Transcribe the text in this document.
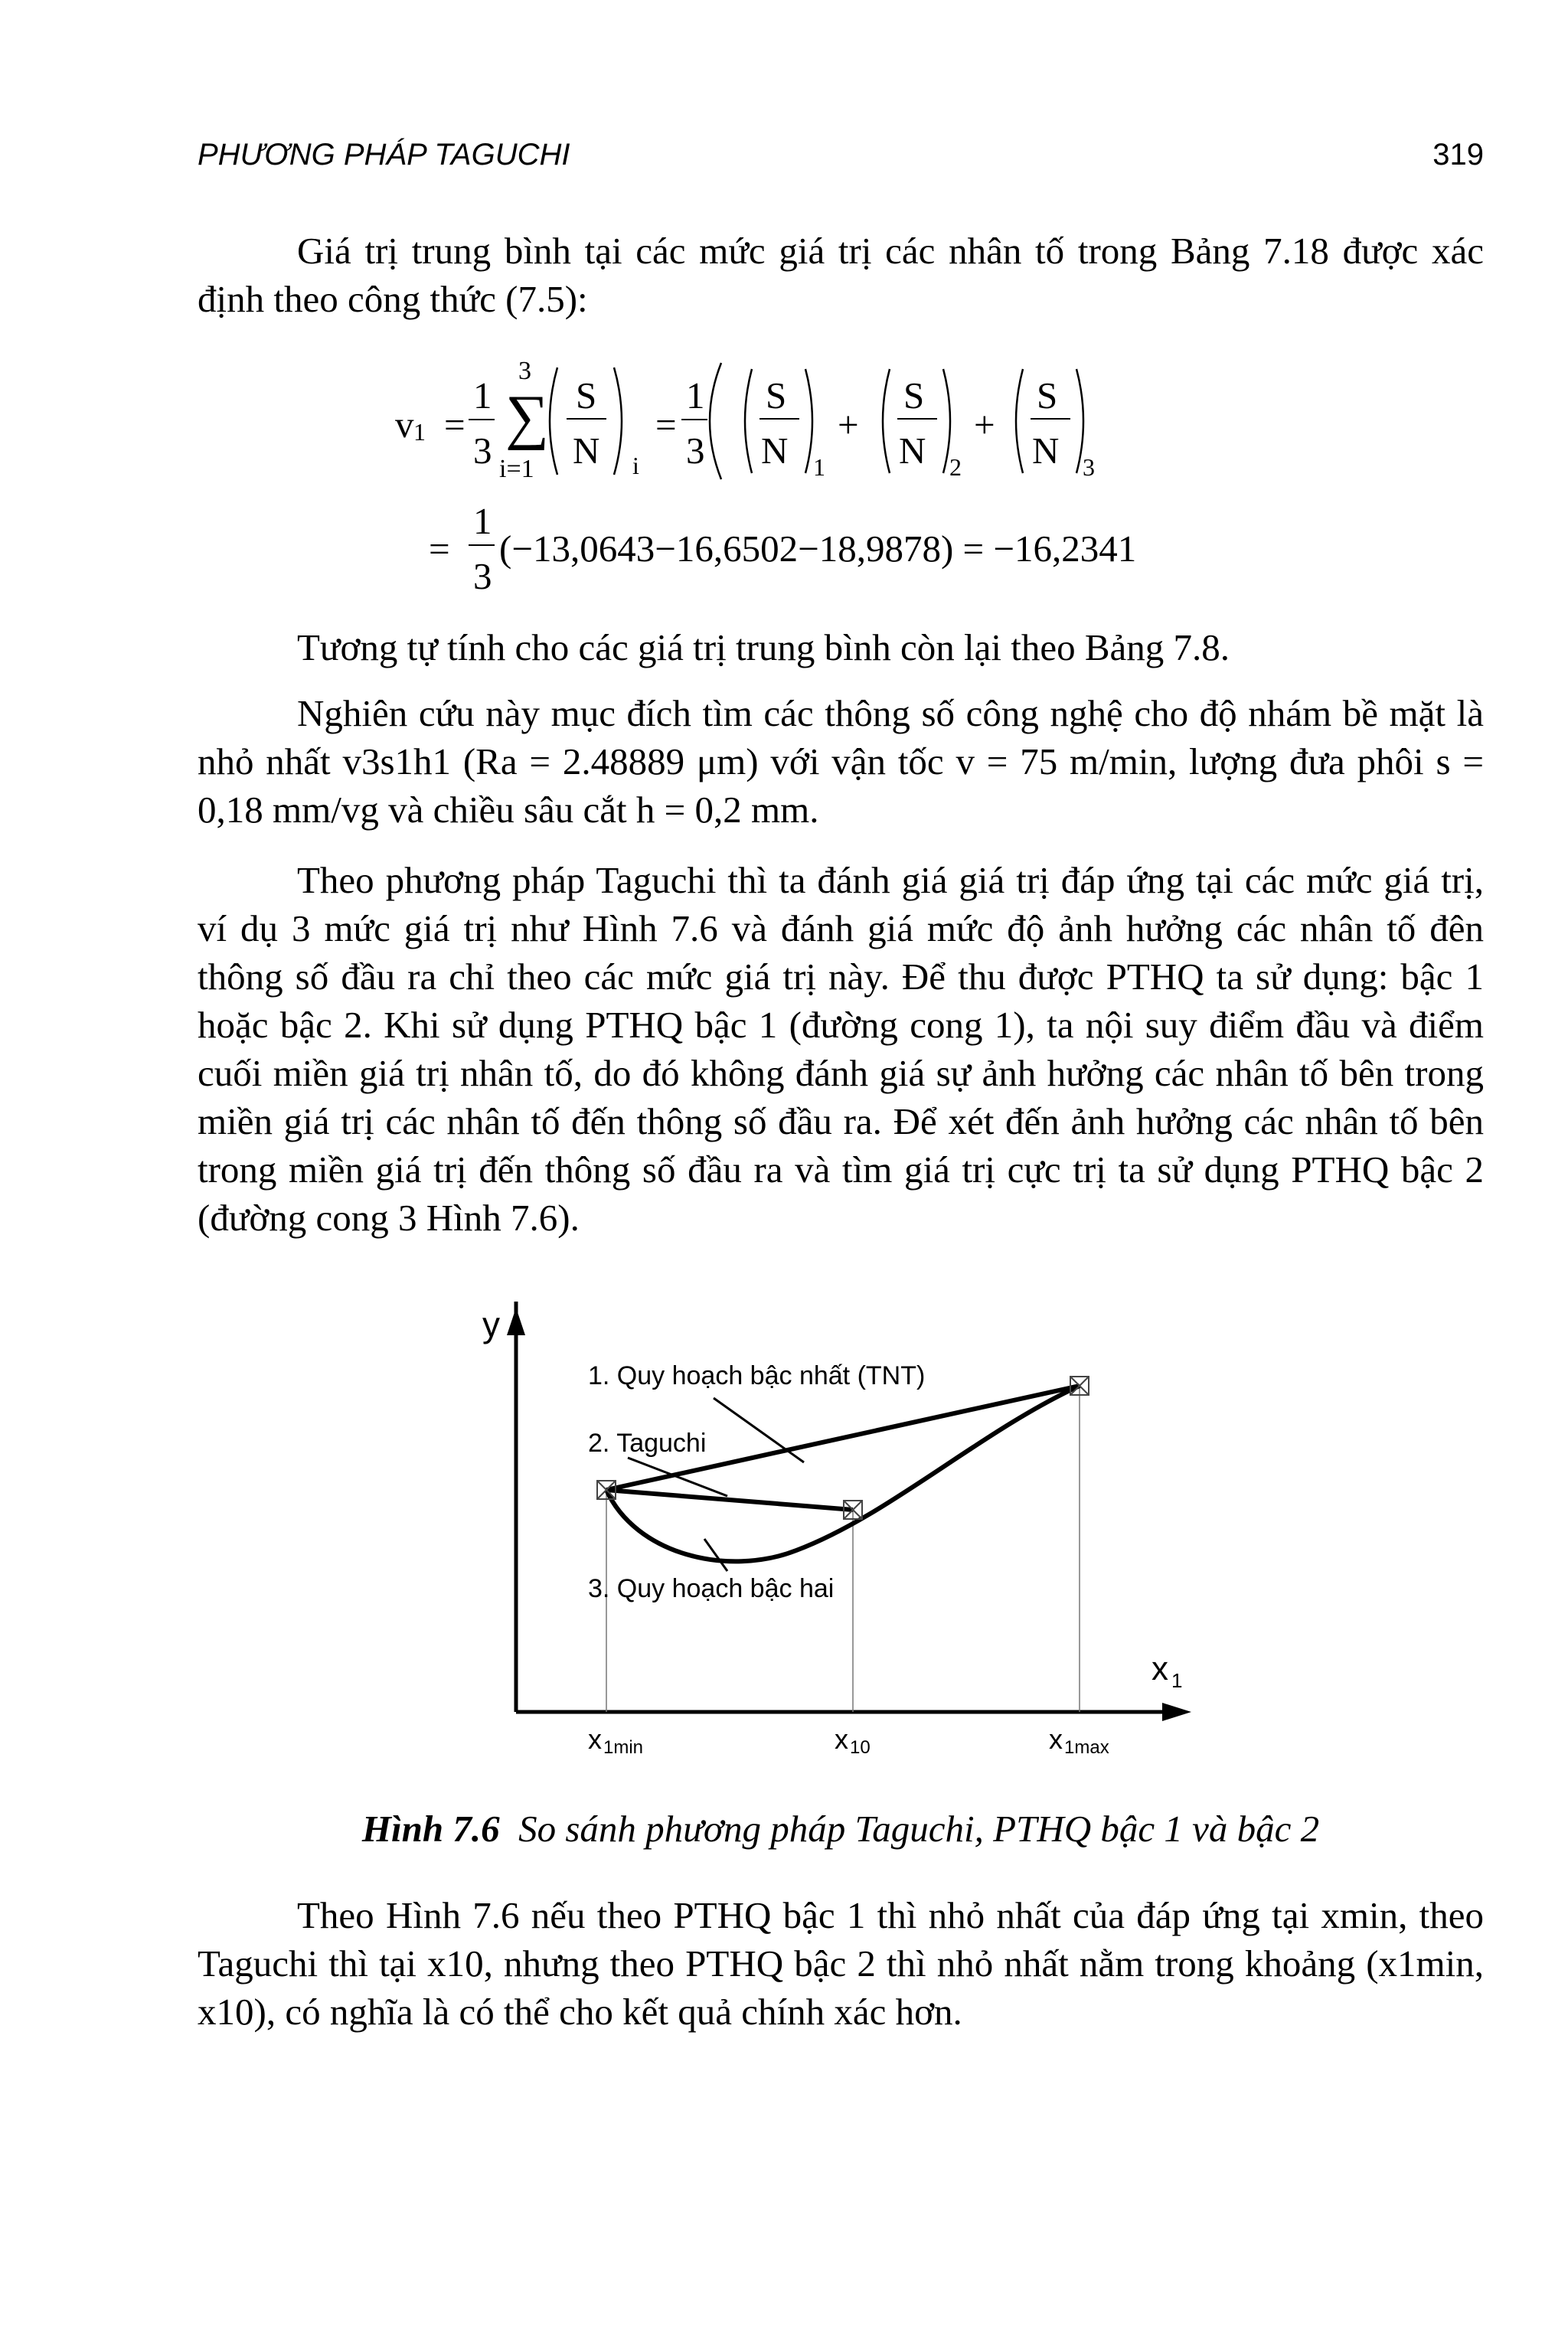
PHƯƠNG PHÁP TAGUCHI	319

Giá trị trung bình tại các mức giá trị các nhân tố trong Bảng 7.18 được xác định theo công thức (7.5):

v 1 =
1
3
3
∑
i=1
S
N i
=
1
3
S
N 1
+
S
N 2
+
S
N 3
=
1
3
(−13,0643−16,6502−18,9878) = −16,2341

Tương tự tính cho các giá trị trung bình còn lại theo Bảng 7.8.

Nghiên cứu này mục đích tìm các thông số công nghệ cho độ nhám bề mặt là nhỏ nhất v3s1h1 (Ra = 2.48889 μm) với vận tốc v = 75 m/min, lượng đưa phôi s = 0,18 mm/vg và chiều sâu cắt h = 0,2 mm.

Theo phương pháp Taguchi thì ta đánh giá giá trị đáp ứng tại các mức giá trị, ví dụ 3 mức giá trị như Hình 7.6 và đánh giá mức độ ảnh hưởng các nhân tố đên thông số đầu ra chỉ theo các mức giá trị này. Để thu được PTHQ ta sử dụng: bậc 1 hoặc bậc 2. Khi sử dụng PTHQ bậc 1 (đường cong 1), ta nội suy điểm đầu và điểm cuối miền giá trị nhân tố, do đó không đánh giá sự ảnh hưởng các nhân tố bên trong miền giá trị các nhân tố đến thông số đầu ra. Để xét đến ảnh hưởng các nhân tố bên trong miền giá trị đến thông số đầu ra và tìm giá trị cực trị ta sử dụng PTHQ bậc 2 (đường cong 3 Hình 7.6).

y
1. Quy hoạch bậc nhất (TNT)
2. Taguchi
3. Quy hoạch bậc hai
x 1
x 1min	x 10	x 1max
Hình 7.6 So sánh phương pháp Taguchi, PTHQ bậc 1 và bậc 2

Theo Hình 7.6 nếu theo PTHQ bậc 1 thì nhỏ nhất của đáp ứng tại xmin, theo Taguchi thì tại x10, nhưng theo PTHQ bậc 2 thì nhỏ nhất nằm trong khoảng (x1min, x10), có nghĩa là có thể cho kết quả chính xác hơn.
